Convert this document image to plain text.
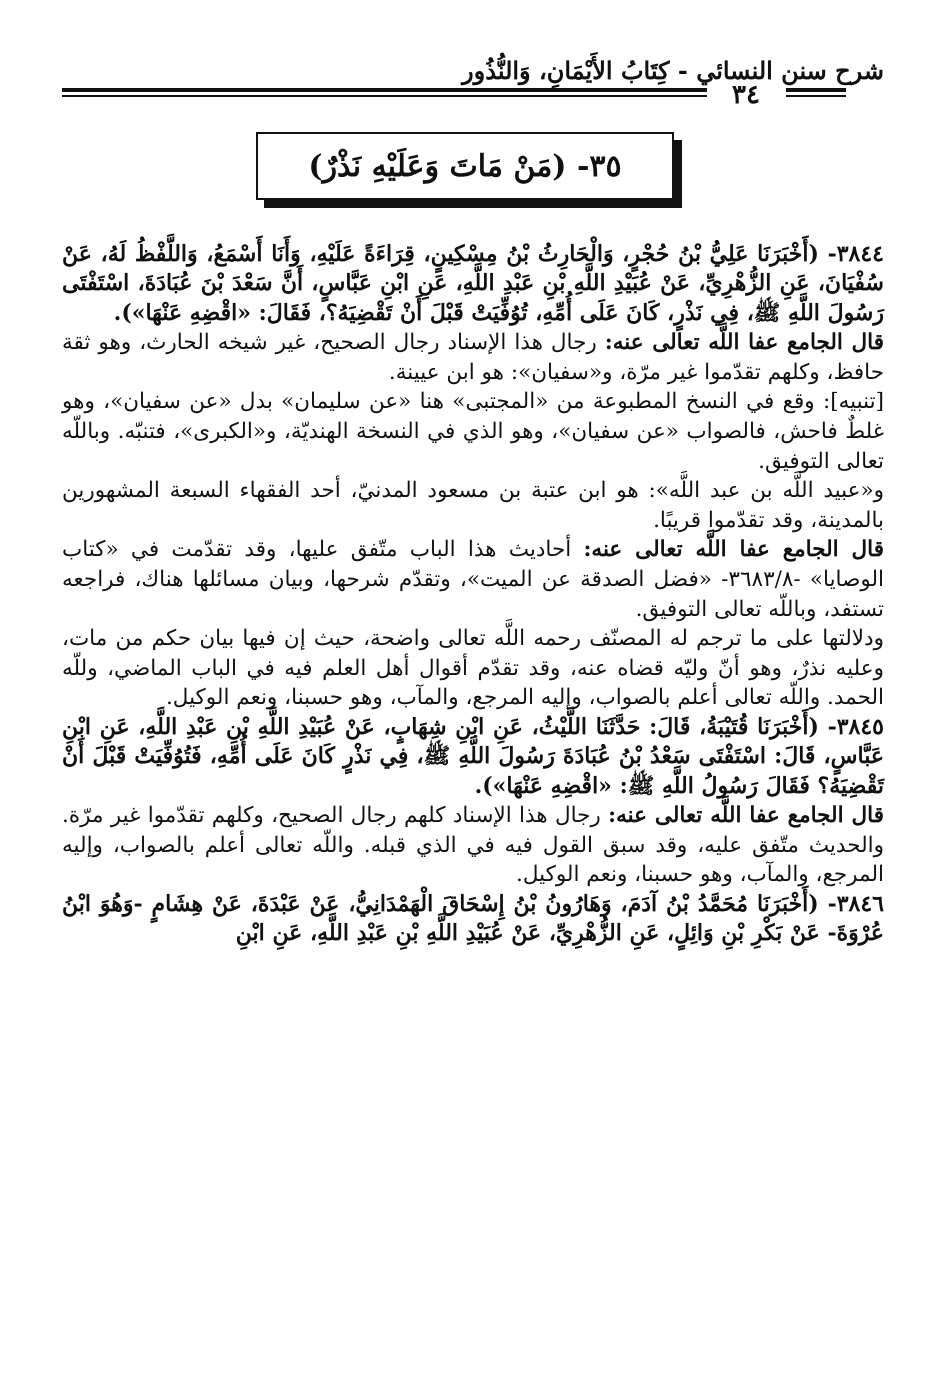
شرح سنن النسائي - كِتَابُ الأَيْمَانِ، وَالنُّذُور
٣٤
٣٥- (مَنْ مَاتَ وَعَلَيْهِ نَذْرٌ)

٣٨٤٤- (أَخْبَرَنَا عَلِيُّ بْنُ حُجْرٍ، وَالْحَارِثُ بْنُ مِسْكِينٍ، قِرَاءَةً عَلَيْهِ، وَأَنَا أَسْمَعُ، وَاللَّفْظُ لَهُ، عَنْ سُفْيَانَ، عَنِ الزُّهْرِيِّ، عَنْ عُبَيْدِ اللَّهِ بْنِ عَبْدِ اللَّهِ، عَنِ ابْنِ عَبَّاسٍ، أَنَّ سَعْدَ بْنَ عُبَادَةَ، اسْتَفْتَى رَسُولَ اللَّهِ ﷺ، فِي نَذْرٍ، كَانَ عَلَى أُمِّهِ، تُوُفِّيَتْ قَبْلَ أَنْ تَقْضِيَهُ؟، فَقَالَ: «اقْضِهِ عَنْهَا»).

قال الجامع عفا اللَّه تعالى عنه: رجال هذا الإسناد رجال الصحيح، غير شيخه الحارث، وهو ثقة حافظ، وكلهم تقدّموا غير مرّة، و«سفيان»: هو ابن عيينة.

[تنبيه]: وقع في النسخ المطبوعة من «المجتبى» هنا «عن سليمان» بدل «عن سفيان»، وهو غلطٌ فاحش، فالصواب «عن سفيان»، وهو الذي في النسخة الهنديّة، و«الكبرى»، فتنبّه. وباللّه تعالى التوفيق.

و«عبيد اللَّه بن عبد اللَّه»: هو ابن عتبة بن مسعود المدنيّ، أحد الفقهاء السبعة المشهورين بالمدينة، وقد تقدّموا قريبًا.

قال الجامع عفا اللَّه تعالى عنه: أحاديث هذا الباب متّفق عليها، وقد تقدّمت في «كتاب الوصايا» -٣٦٨٣/٨- «فضل الصدقة عن الميت»، وتقدّم شرحها، وبيان مسائلها هناك، فراجعه تستفد، وباللّه تعالى التوفيق.

ودلالتها على ما ترجم له المصنّف رحمه اللَّه تعالى واضحة، حيث إن فيها بيان حكم من مات، وعليه نذرٌ، وهو أنّ وليّه قضاه عنه، وقد تقدّم أقوال أهل العلم فيه في الباب الماضي، وللّه الحمد. واللّه تعالى أعلم بالصواب، وإليه المرجع، والمآب، وهو حسبنا، ونعم الوكيل.

٣٨٤٥- (أَخْبَرَنَا قُتَيْبَةُ، قَالَ: حَدَّثَنَا اللَّيْثُ، عَنِ ابْنِ شِهَابٍ، عَنْ عُبَيْدِ اللَّهِ بْنِ عَبْدِ اللَّهِ، عَنِ ابْنِ عَبَّاسٍ، قَالَ: اسْتَفْتَى سَعْدُ بْنُ عُبَادَةَ رَسُولَ اللَّهِ ﷺ، فِي نَذْرٍ كَانَ عَلَى أُمِّهِ، فَتُوُفِّيَتْ قَبْلَ أَنْ تَقْضِيَهُ؟ فَقَالَ رَسُولُ اللَّهِ ﷺ: «اقْضِهِ عَنْهَا»).

قال الجامع عفا اللَّه تعالى عنه: رجال هذا الإسناد كلهم رجال الصحيح، وكلهم تقدّموا غير مرّة. والحديث متّفق عليه، وقد سبق القول فيه في الذي قبله. واللّه تعالى أعلم بالصواب، وإليه المرجع، والمآب، وهو حسبنا، ونعم الوكيل.

٣٨٤٦- (أَخْبَرَنَا مُحَمَّدُ بْنُ آدَمَ، وَهَارُونُ بْنُ إِسْحَاقَ الْهَمْدَانِيُّ، عَنْ عَبْدَةَ، عَنْ هِشَامٍ -وَهُوَ ابْنُ عُرْوَةَ- عَنْ بَكْرِ بْنِ وَائِلٍ، عَنِ الزُّهْرِيِّ، عَنْ عُبَيْدِ اللَّهِ بْنِ عَبْدِ اللَّهِ، عَنِ ابْنِ
